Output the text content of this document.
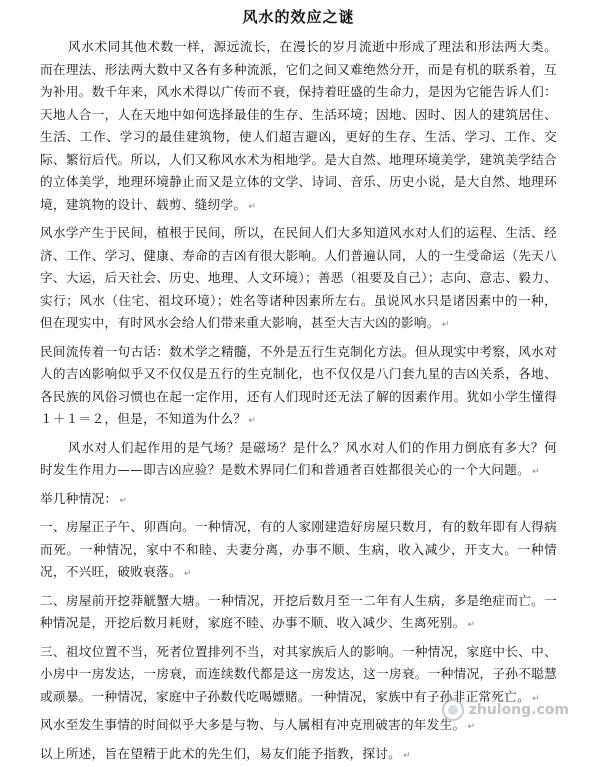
风水的效应之谜

风水术同其他术数一样，源远流长，在漫长的岁月流逝中形成了理法和形法两大类。而在理法、形法两大数中又各有多种流派，它们之间又难绝然分开，而是有机的联系着，互为补用。数千年来，风水术得以广传而不衰，保持着旺盛的生命力，是因为它能告诉人们：天地人合一，人在天地中如何选择最佳的生存、生活环境；因地、因时、因人的建筑居住、生活、工作、学习的最佳建筑物，使人们超吉避凶，更好的生存、生活、学习、工作、交际、繁衍后代。所以，人们又称风水术为相地学。是大自然、地理环境美学，建筑美学结合的立体美学，地理环境静止而又是立体的文学、诗词、音乐、历史小说，是大自然、地理环境，建筑物的设计、载剪、缝纫学。 ↵

风水学产生于民间，植根于民间，所以，在民间人们大多知道风水对人们的运程、生活、经济、工作、学习、健康、寿命的吉凶有很大影响。人们普遍认同，人的一生受命运（先天八字、大运，后天社会、历史、地理、人文环境）；善恶（祖要及自己）；志向、意志、毅力、实行；风水（住宅、祖坟环境）；姓名等诸种因素所左右。虽说风水只是诸因素中的一种，但在现实中，有时风水会给人们带来重大影响，甚至大吉大凶的影响。 ↵

民间流传着一句古话：数术学之精髓，不外是五行生克制化方法。但从现实中考察，风水对人的吉凶影响似乎又不仅仅是五行的生克制化，也不仅仅是八门套九星的吉凶关系，各地、各民族的风俗习惯也在起一定作用，还有人们现时还无法了解的因素作用。犹如小学生懂得１＋１＝２，但是，不知道为什么？ ↵

风水对人们起作用的是气场？是磁场？是什么？风水对人们的作用力倒底有多大？何时发生作用力——即吉凶应验？是数术界同仁们和普通者百姓都很关心的一个大问题。 ↵

举几种情况： ↵

一、房屋正子午、卯酉向。一种情况，有的人家刚建造好房屋只数月，有的数年即有人得病而死。一种情况，家中不和睦、夫妻分离，办事不顺、生病，收入减少，开支大。一种情况，不兴旺，破败衰落。 ↵

二、房屋前开挖莽觥蟹大塘。一种情况，开挖后数月至一二年有人生病，多是绝症而亡。一种情况是，开挖后数月耗财，家庭不睦、办事不顺、收入减少、生离死别。 ↵

三、祖坟位置不当，死者位置排列不当，对其家族后人的影响。一种情况，家庭中长、中、小房中一房发达，一房衰，而连续数代都是这一房发达，这一房衰。一种情况，子孙不聪慧或顽暴。一种情况，家庭中子孙数代吃喝嫖赌。一种情况，家族中有子孙非正常死亡。 ↵

风水至发生事情的时间似乎大多是与物、与人属相有冲克刑破害的年发生。 ↵

以上所述，旨在望精于此术的先生们，易友们能予指教，探讨。 ↵

zhulong.com
